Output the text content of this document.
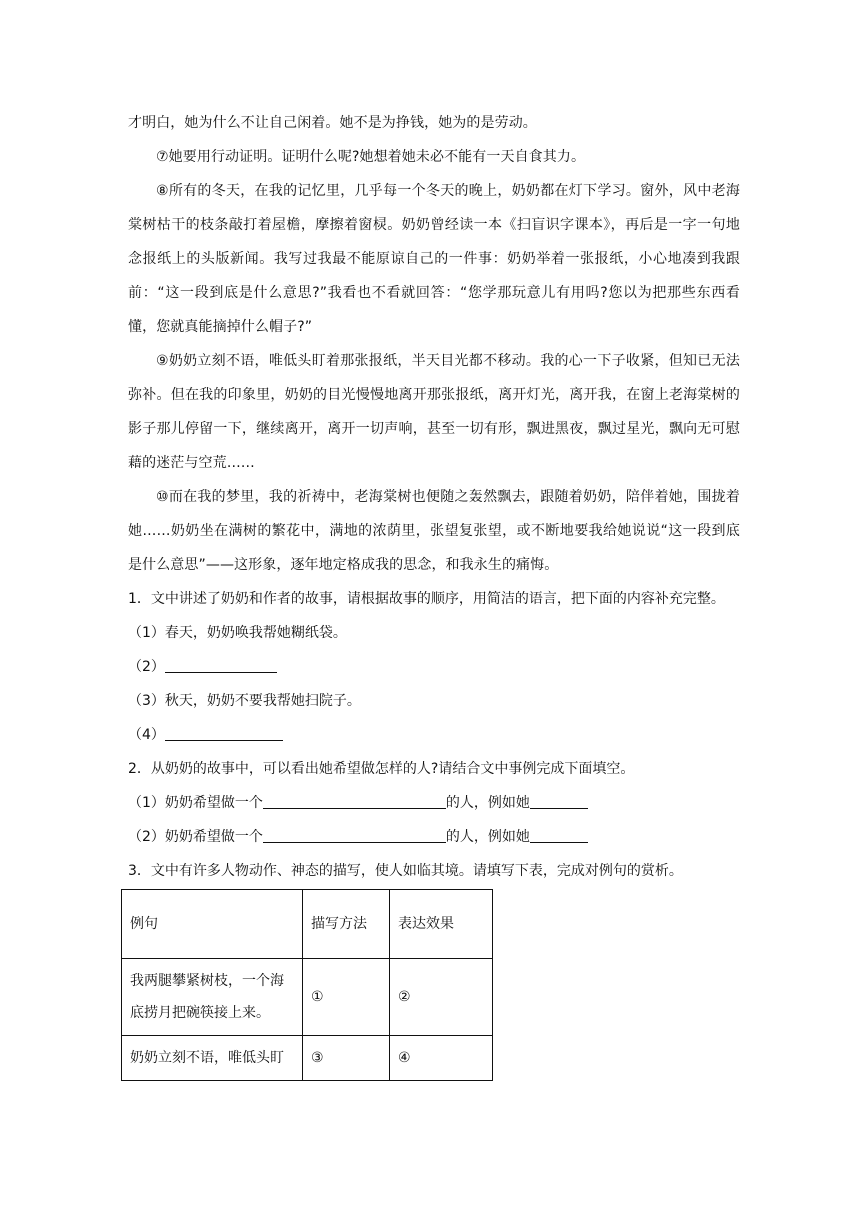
才明白，她为什么不让自己闲着。她不是为挣钱，她为的是劳动。

⑦她要用行动证明。证明什么呢?她想着她未必不能有一天自食其力。

⑧所有的冬天，在我的记忆里，几乎每一个冬天的晚上，奶奶都在灯下学习。窗外，风中老海棠树枯干的枝条敲打着屋檐，摩擦着窗棂。奶奶曾经读一本《扫盲识字课本》，再后是一字一句地念报纸上的头版新闻。我写过我最不能原谅自己的一件事：奶奶举着一张报纸，小心地凑到我跟前：“这一段到底是什么意思?”我看也不看就回答：“您学那玩意儿有用吗?您以为把那些东西看懂，您就真能摘掉什么帽子?”

⑨奶奶立刻不语，唯低头盯着那张报纸，半天目光都不移动。我的心一下子收紧，但知已无法弥补。但在我的印象里，奶奶的目光慢慢地离开那张报纸，离开灯光，离开我，在窗上老海棠树的影子那儿停留一下，继续离开，离开一切声响，甚至一切有形，飘进黑夜，飘过星光，飘向无可慰藉的迷茫与空荒……

⑩而在我的梦里，我的祈祷中，老海棠树也便随之轰然飘去，跟随着奶奶，陪伴着她，围拢着她……奶奶坐在满树的繁花中，满地的浓荫里，张望复张望，或不断地要我给她说说“这一段到底是什么意思”——这形象，逐年地定格成我的思念，和我永生的痛悔。

1．文中讲述了奶奶和作者的故事，请根据故事的顺序，用简洁的语言，把下面的内容补充完整。

（1）春天，奶奶唤我帮她糊纸袋。

（2）

（3）秋天，奶奶不要我帮她扫院子。

（4）

2．从奶奶的故事中，可以看出她希望做怎样的人?请结合文中事例完成下面填空。

（1）奶奶希望做一个	的人，例如她

（2）奶奶希望做一个	的人，例如她

3．文中有许多人物动作、神态的描写，使人如临其境。请填写下表，完成对例句的赏析。

例句	描写方法	表达效果
我两腿攀紧树枝，一个海底捞月把碗筷接上来。	①	②
奶奶立刻不语，唯低头盯	③	④
